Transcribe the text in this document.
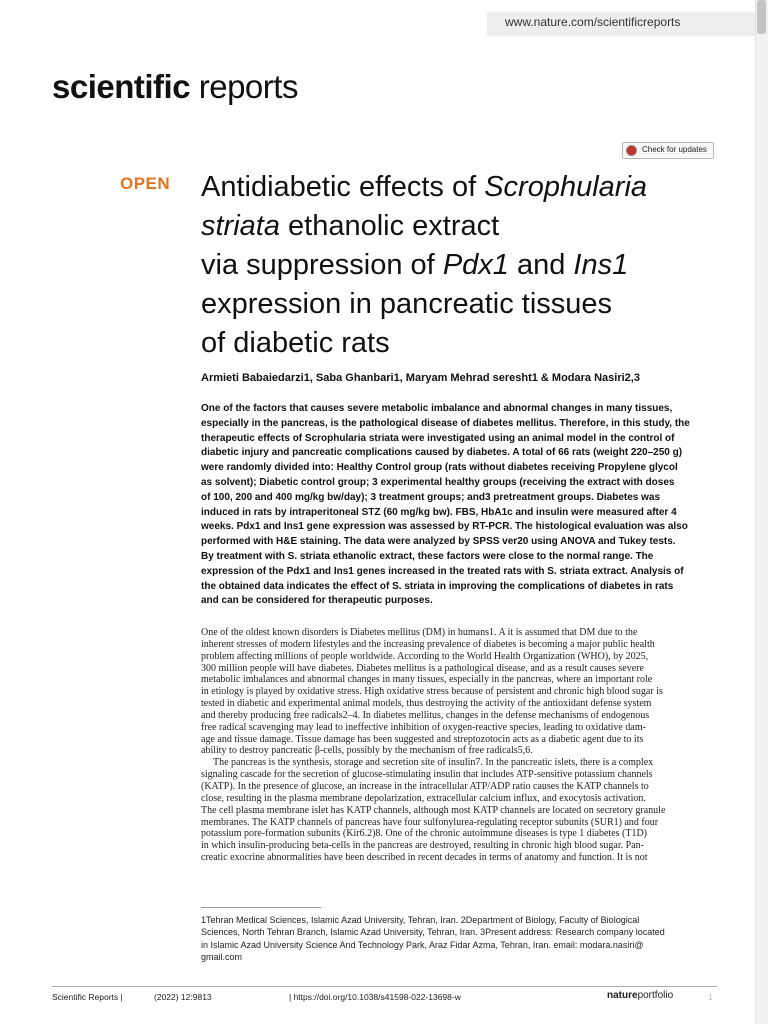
www.nature.com/scientificreports
scientific reports
Check for updates
OPEN Antidiabetic effects of Scrophularia
striata ethanolic extract
via suppression of Pdx1 and Ins1
expression in pancreatic tissues
of diabetic rats
Armieti Babaiedarzi1, Saba Ghanbari1, Maryam Mehrad seresht1 & Modara Nasiri2,3
One of the factors that causes severe metabolic imbalance and abnormal changes in many tissues,
especially in the pancreas, is the pathological disease of diabetes mellitus. Therefore, in this study, the
therapeutic effects of Scrophularia striata were investigated using an animal model in the control of
diabetic injury and pancreatic complications caused by diabetes. A total of 66 rats (weight 220–250 g)
were randomly divided into: Healthy Control group (rats without diabetes receiving Propylene glycol
as solvent); Diabetic control group; 3 experimental healthy groups (receiving the extract with doses
of 100, 200 and 400 mg/kg bw/day); 3 treatment groups; and3 pretreatment groups. Diabetes was
induced in rats by intraperitoneal STZ (60 mg/kg bw). FBS, HbA1c and insulin were measured after 4
weeks. Pdx1 and Ins1 gene expression was assessed by RT-PCR. The histological evaluation was also
performed with H&E staining. The data were analyzed by SPSS ver20 using ANOVA and Tukey tests.
By treatment with S. striata ethanolic extract, these factors were close to the normal range. The
expression of the Pdx1 and Ins1 genes increased in the treated rats with S. striata extract. Analysis of
the obtained data indicates the effect of S. striata in improving the complications of diabetes in rats
and can be considered for therapeutic purposes.
One of the oldest known disorders is Diabetes mellitus (DM) in humans1. A it is assumed that DM due to the
inherent stresses of modern lifestyles and the increasing prevalence of diabetes is becoming a major public health
problem affecting millions of people worldwide. According to the World Health Organization (WHO), by 2025,
300 million people will have diabetes. Diabetes mellitus is a pathological disease, and as a result causes severe
metabolic imbalances and abnormal changes in many tissues, especially in the pancreas, where an important role
in etiology is played by oxidative stress. High oxidative stress because of persistent and chronic high blood sugar is
tested in diabetic and experimental animal models, thus destroying the activity of the antioxidant defense system
and thereby producing free radicals2–4. In diabetes mellitus, changes in the defense mechanisms of endogenous
free radical scavenging may lead to ineffective inhibition of oxygen-reactive species, leading to oxidative dam-
age and tissue damage. Tissue damage has been suggested and streptozotocin acts as a diabetic agent due to its
ability to destroy pancreatic β-cells, possibly by the mechanism of free radicals5,6.
The pancreas is the synthesis, storage and secretion site of insulin7. In the pancreatic islets, there is a complex
signaling cascade for the secretion of glucose-stimulating insulin that includes ATP-sensitive potassium channels
(KATP). In the presence of glucose, an increase in the intracellular ATP/ADP ratio causes the KATP channels to
close, resulting in the plasma membrane depolarization, extracellular calcium influx, and exocytosis activation.
The cell plasma membrane islet has KATP channels, although most KATP channels are located on secretory granule
membranes. The KATP channels of pancreas have four sulfonylurea-regulating receptor subunits (SUR1) and four
potassium pore-formation subunits (Kir6.2)8. One of the chronic autoimmune diseases is type 1 diabetes (T1D)
in which insulin-producing beta-cells in the pancreas are destroyed, resulting in chronic high blood sugar. Pan-
creatic exocrine abnormalities have been described in recent decades in terms of anatomy and function. It is not
1Tehran Medical Sciences, Islamic Azad University, Tehran, Iran. 2Department of Biology, Faculty of Biological
Sciences, North Tehran Branch, Islamic Azad University, Tehran, Iran. 3Present address: Research company located
in Islamic Azad University Science And Technology Park, Araz Fidar Azma, Tehran, Iran. email: modara.nasiri@
gmail.com
Scientific Reports |	(2022) 12:9813	| https://doi.org/10.1038/s41598-022-13698-w	natureportfolio	1
